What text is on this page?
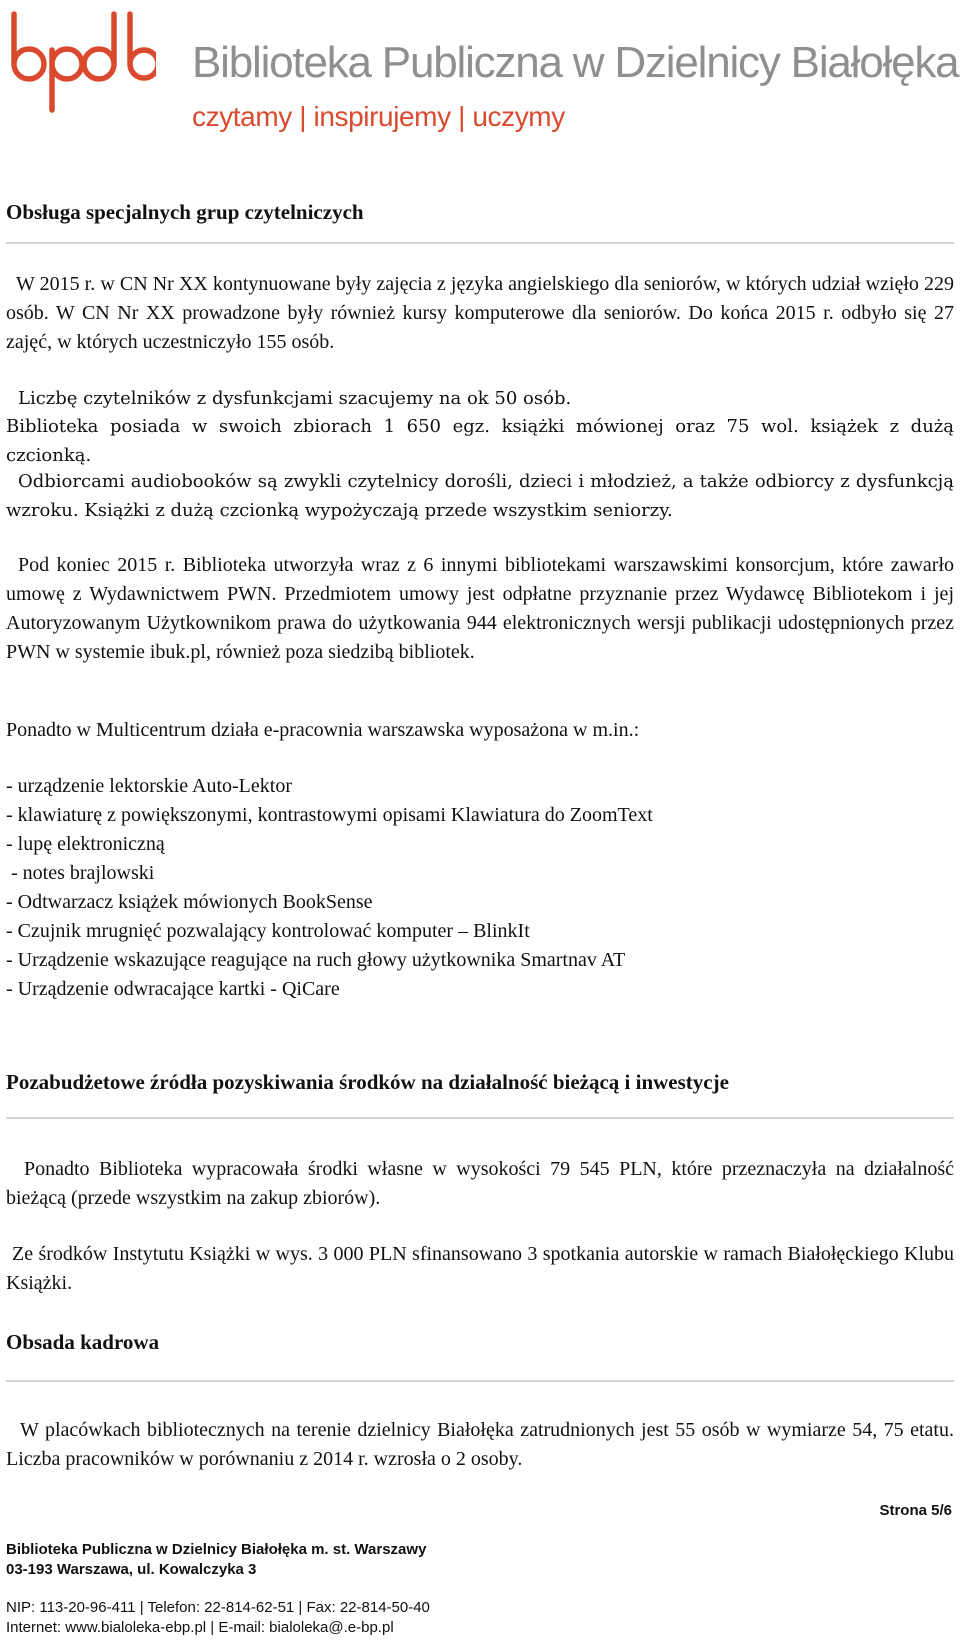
Biblioteka Publiczna w Dzielnicy Białołęka
czytamy | inspirujemy | uczymy
Obsługa specjalnych grup czytelniczych

W 2015 r. w CN Nr XX kontynuowane były zajęcia z języka angielskiego dla seniorów, w których udział wzięło 229 osób. W CN Nr XX prowadzone były również kursy komputerowe dla seniorów. Do końca 2015 r. odbyło się 27 zajęć, w których uczestniczyło 155 osób.

Liczbę czytelników z dysfunkcjami szacujemy na ok 50 osób.

Biblioteka posiada w swoich zbiorach 1 650 egz. książki mówionej oraz 75 wol. książek z dużą czcionką.

Odbiorcami audiobooków są zwykli czytelnicy dorośli, dzieci i młodzież, a także odbiorcy z dysfunkcją wzroku. Książki z dużą czcionką wypożyczają przede wszystkim seniorzy.

Pod koniec 2015 r. Biblioteka utworzyła wraz z 6 innymi bibliotekami warszawskimi konsorcjum, które zawarło umowę z Wydawnictwem PWN. Przedmiotem umowy jest odpłatne przyznanie przez Wydawcę Bibliotekom i jej Autoryzowanym Użytkownikom prawa do użytkowania 944 elektronicznych wersji publikacji udostępnionych przez PWN w systemie ibuk.pl, również poza siedzibą bibliotek.

Ponadto w Multicentrum działa e-pracownia warszawska wyposażona w m.in.:

- urządzenie lektorskie Auto-Lektor
- klawiaturę z powiększonymi, kontrastowymi opisami Klawiatura do ZoomText
- lupę elektroniczną
- notes brajlowski
- Odtwarzacz książek mówionych BookSense
- Czujnik mrugnięć pozwalający kontrolować komputer – BlinkIt
- Urządzenie wskazujące reagujące na ruch głowy użytkownika Smartnav AT
- Urządzenie odwracające kartki - QiCare
Pozabudżetowe źródła pozyskiwania środków na działalność bieżącą i inwestycje

Ponadto Biblioteka wypracowała środki własne w wysokości 79 545 PLN, które przeznaczyła na działalność bieżącą (przede wszystkim na zakup zbiorów).

Ze środków Instytutu Książki w wys. 3 000 PLN sfinansowano 3 spotkania autorskie w ramach Białołęckiego Klubu Książki.

Obsada kadrowa

W placówkach bibliotecznych na terenie dzielnicy Białołęka zatrudnionych jest 55 osób w wymiarze 54, 75 etatu. Liczba pracowników w porównaniu z 2014 r. wzrosła o 2 osoby.

Strona 5/6
Biblioteka Publiczna w Dzielnicy Białołęka m. st. Warszawy
03-193 Warszawa, ul. Kowalczyka 3
NIP: 113-20-96-411 | Telefon: 22-814-62-51 | Fax: 22-814-50-40
Internet: www.bialoleka-ebp.pl | E-mail: bialoleka@.e-bp.pl
